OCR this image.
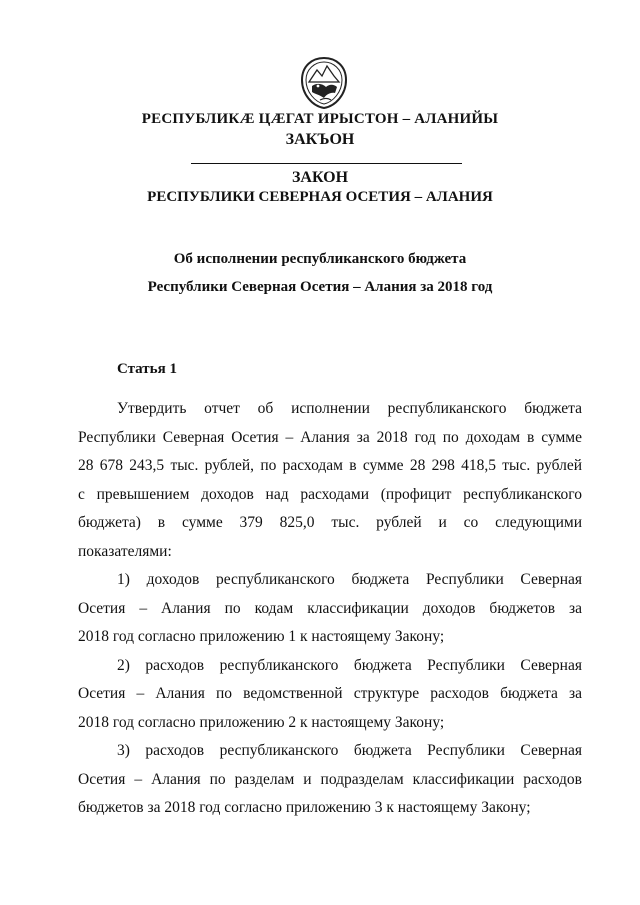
РЕСПУБЛИКӔ ЦӔГАТ ИРЫСТОН – АЛАНИЙЫ

ЗАКЪОН

ЗАКОН

РЕСПУБЛИКИ СЕВЕРНАЯ ОСЕТИЯ – АЛАНИЯ

Об исполнении республиканского бюджета

Республики Северная Осетия – Алания за 2018 год

Статья 1

Утвердить отчет об исполнении республиканского бюджета

Республики Северная Осетия – Алания за 2018 год по доходам в сумме

28 678 243,5 тыс. рублей, по расходам в сумме 28 298 418,5 тыс. рублей

с превышением доходов над расходами (профицит республиканского

бюджета) в сумме 379 825,0 тыс. рублей и со следующими

показателями:

1) доходов республиканского бюджета Республики Северная

Осетия – Алания по кодам классификации доходов бюджетов за

2018 год согласно приложению 1 к настоящему Закону;

2) расходов республиканского бюджета Республики Северная

Осетия – Алания по ведомственной структуре расходов бюджета за

2018 год согласно приложению 2 к настоящему Закону;

3) расходов республиканского бюджета Республики Северная

Осетия – Алания по разделам и подразделам классификации расходов

бюджетов за 2018 год согласно приложению 3 к настоящему Закону;
